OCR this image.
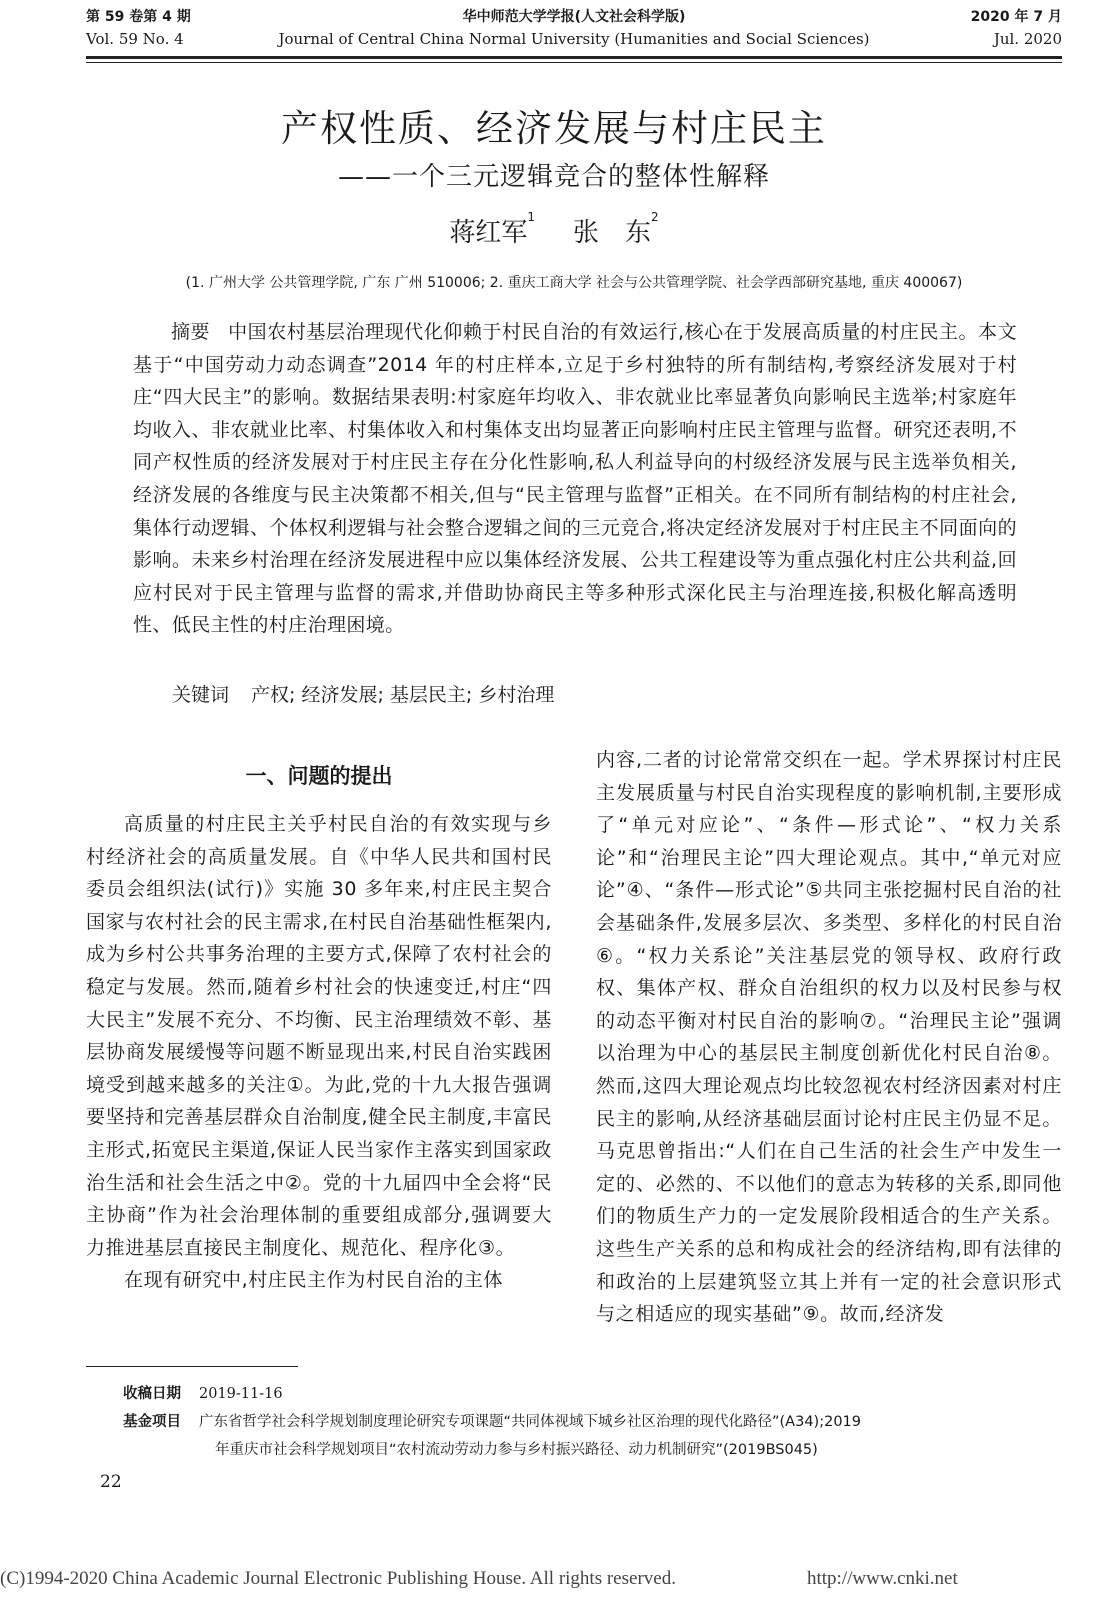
第 59 卷第 4 期
Vol. 59 No. 4
华中师范大学学报(人文社会科学版)
Journal of Central China Normal University (Humanities and Social Sciences)
2020 年 7 月
Jul. 2020
产权性质、经济发展与村庄民主
——一个三元逻辑竞合的整体性解释
蒋红军$^1$张　东$^2$
(1. 广州大学 公共管理学院, 广东 广州 510006; 2. 重庆工商大学 社会与公共管理学院、社会学西部研究基地, 重庆 400067)
摘要 中国农村基层治理现代化仰赖于村民自治的有效运行,核心在于发展高质量的村庄民主。本文基于“中国劳动力动态调查”2014 年的村庄样本,立足于乡村独特的所有制结构,考察经济发展对于村庄“四大民主”的影响。数据结果表明:村家庭年均收入、非农就业比率显著负向影响民主选举;村家庭年均收入、非农就业比率、村集体收入和村集体支出均显著正向影响村庄民主管理与监督。研究还表明,不同产权性质的经济发展对于村庄民主存在分化性影响,私人利益导向的村级经济发展与民主选举负相关,经济发展的各维度与民主决策都不相关,但与“民主管理与监督”正相关。在不同所有制结构的村庄社会,集体行动逻辑、个体权利逻辑与社会整合逻辑之间的三元竞合,将决定经济发展对于村庄民主不同面向的影响。未来乡村治理在经济发展进程中应以集体经济发展、公共工程建设等为重点强化村庄公共利益,回应村民对于民主管理与监督的需求,并借助协商民主等多种形式深化民主与治理连接,积极化解高透明性、低民主性的村庄治理困境。
关键词 产权; 经济发展; 基层民主; 乡村治理
一、问题的提出

高质量的村庄民主关乎村民自治的有效实现与乡村经济社会的高质量发展。自《中华人民共和国村民委员会组织法(试行)》实施 30 多年来,村庄民主契合国家与农村社会的民主需求,在村民自治基础性框架内,成为乡村公共事务治理的主要方式,保障了农村社会的稳定与发展。然而,随着乡村社会的快速变迁,村庄“四大民主”发展不充分、不均衡、民主治理绩效不彰、基层协商发展缓慢等问题不断显现出来,村民自治实践困境受到越来越多的关注①。为此,党的十九大报告强调要坚持和完善基层群众自治制度,健全民主制度,丰富民主形式,拓宽民主渠道,保证人民当家作主落实到国家政治生活和社会生活之中②。党的十九届四中全会将“民主协商”作为社会治理体制的重要组成部分,强调要大力推进基层直接民主制度化、规范化、程序化③。

在现有研究中,村庄民主作为村民自治的主体

内容,二者的讨论常常交织在一起。学术界探讨村庄民主发展质量与村民自治实现程度的影响机制,主要形成了“单元对应论”、“条件—形式论”、“权力关系论”和“治理民主论”四大理论观点。其中,“单元对应论”④、“条件—形式论”⑤共同主张挖掘村民自治的社会基础条件,发展多层次、多类型、多样化的村民自治⑥。“权力关系论”关注基层党的领导权、政府行政权、集体产权、群众自治组织的权力以及村民参与权的动态平衡对村民自治的影响⑦。“治理民主论”强调以治理为中心的基层民主制度创新优化村民自治⑧。然而,这四大理论观点均比较忽视农村经济因素对村庄民主的影响,从经济基础层面讨论村庄民主仍显不足。马克思曾指出:“人们在自己生活的社会生产中发生一定的、必然的、不以他们的意志为转移的关系,即同他们的物质生产力的一定发展阶段相适合的生产关系。这些生产关系的总和构成社会的经济结构,即有法律的和政治的上层建筑竖立其上并有一定的社会意识形式与之相适应的现实基础”⑨。故而,经济发

收稿日期 2019-11-16
基金项目 广东省哲学社会科学规划制度理论研究专项课题“共同体视域下城乡社区治理的现代化路径”(A34);2019
年重庆市社会科学规划项目“农村流动劳动力参与乡村振兴路径、动力机制研究”(2019BS045)
22
(C)1994-2020 China Academic Journal Electronic Publishing House. All rights reserved.	http://www.cnki.net
